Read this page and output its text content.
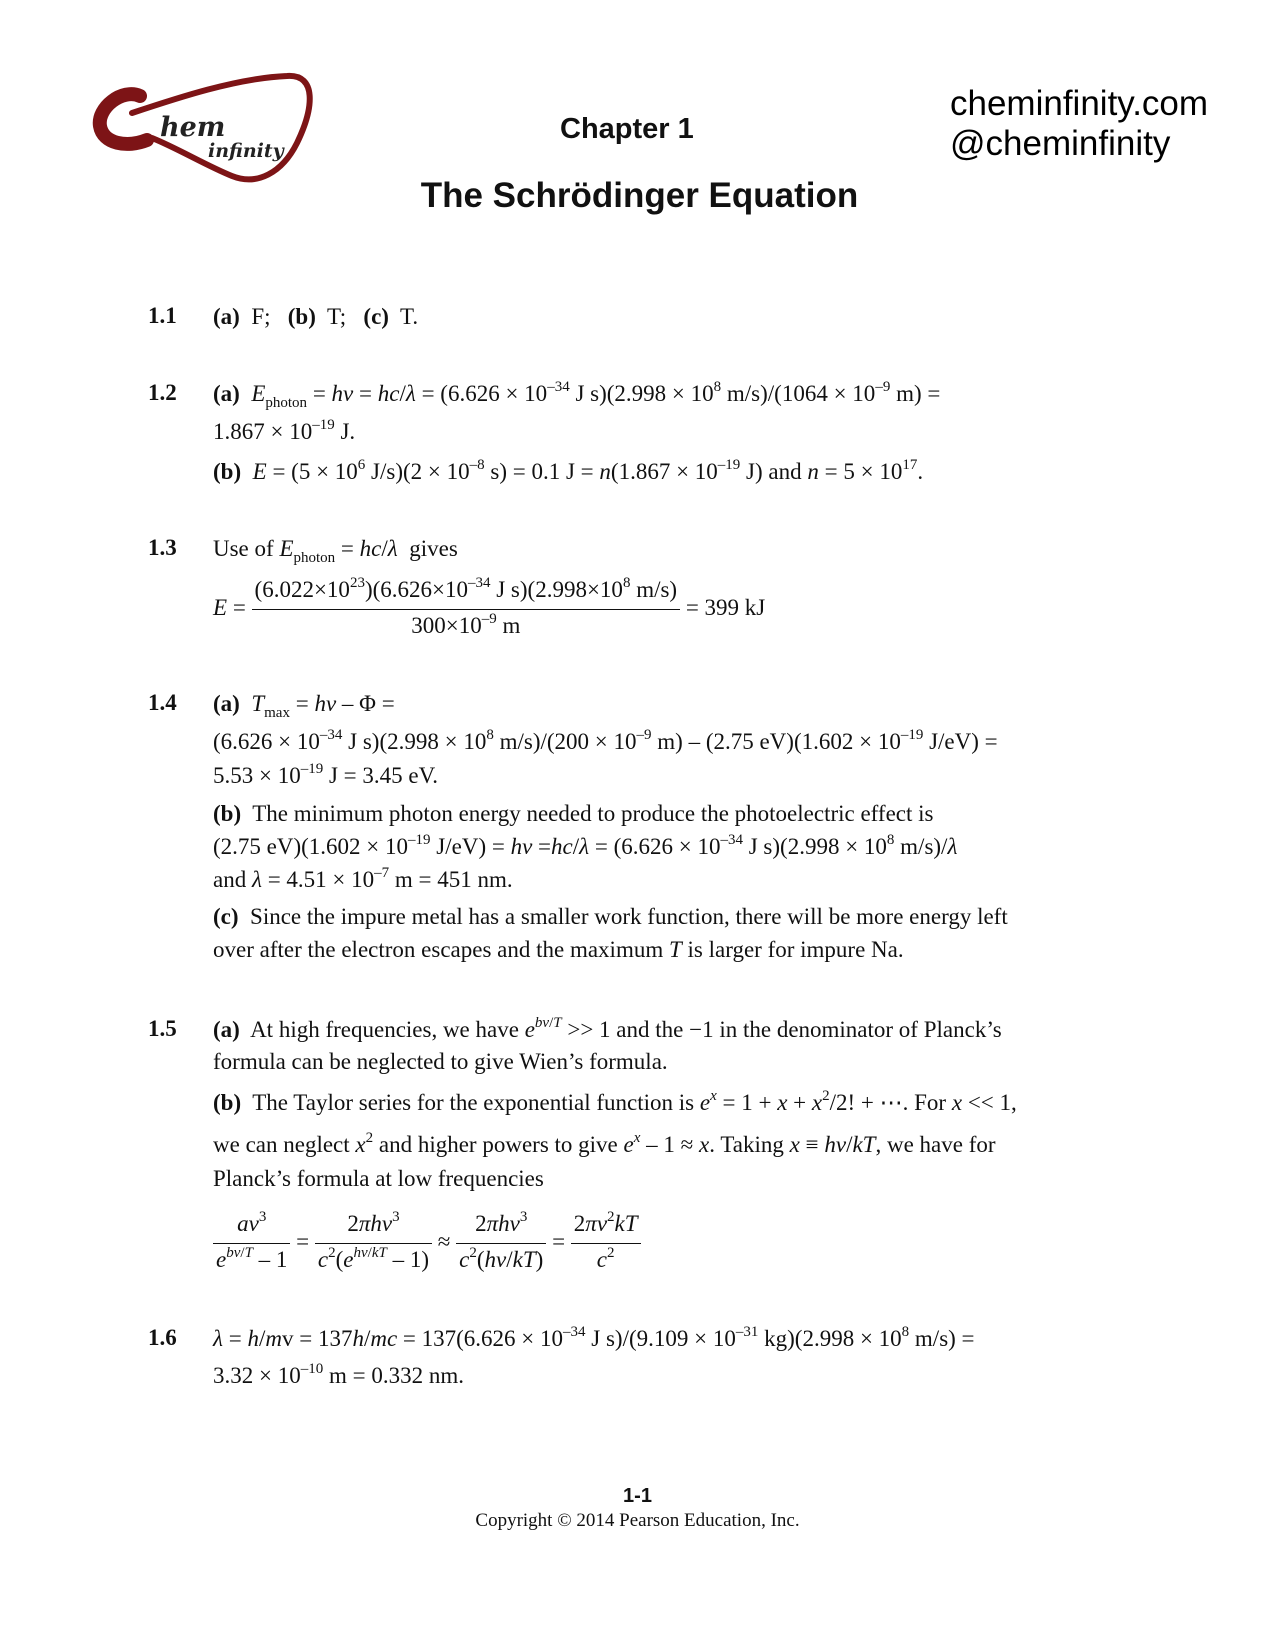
hem
infinity
cheminfinity.com
@cheminfinity
Chapter 1
The Schrödinger Equation
1.1 (a) F; (b) T; (c) T.
1.2 (a) $E_{photon} = h\nu = hc/\lambda = (6.626 \times 10^{-34}$ J $s)(2.998 \times 10^8$ $m/s)/(1064 \times 10^{-9}$ m) =
$1.867 \times 10^{-19}$ J.
(b) $E = (5 \times 10^6$ $J/s)(2 \times 10^{-8}$ s) = 0.1 $J = n(1.867 \times 10^{-19}$ J) and $n = 5 \times 10^{17}$.
1.3 Use of $E_{photon} = hc/\lambda$ gives
$E = \frac{(6.022\times 10^{23})(6.626\times 10^{-34} J s)(2.998\times 10^8 m/s)}{300\times 10^{-9} m} = 399$ kJ
1.4 (a) $T_{max} = h\nu - \Phi$ =
($6.626 \times 10^{-34}$ J $s)(2.998 \times 10^8$ $m/s)/(200 \times 10^{-9}$ m) – (2.75 $eV)(1.602 \times 10^{-19}$ J/eV) =
$5.53 \times 10^{-19}$ J = 3.45 eV.
(b) The minimum photon energy needed to produce the photoelectric effect is
(2.75 $eV)(1.602 \times 10^{-19}$ $J/eV) = h\nu =hc/\lambda = (6.626 \times 10^{-34}$ J $s)(2.998 \times 10^8$ m/s)/λ
and $\lambda = 4.51 \times 10^{-7}$ m = 451 nm.
(c) Since the impure metal has a smaller work function, there will be more energy left
over after the electron escapes and the maximum T is larger for impure Na.
1.5 (a) At high frequencies, we have $e^{b\nu/T} >> 1$ and the −1 in the denominator of Planck’s
formula can be neglected to give Wien’s formula.
(b) The Taylor series for the exponential function is $e^x = 1 + x + x^2/2$! + ⋯. For x << 1,
we can neglect $x^2$ and higher powers to give $e^x - 1 \approx x$. Taking x ≡ hν/kT, we have for
Planck’s formula at low frequencies
$\frac{a\nu^3}{e^{b\nu/T} - 1} = \frac{2\pi h\nu^3}{c^2(e^{h\nu/kT} - 1)} \approx \frac{2\pi h\nu^3}{c^2(h\nu/kT)} = \frac{2\pi\nu^2kT}{c^2}$
1.6 $\lambda = h/mv = 137h/mc = 137(6.626 \times 10^{-34}$ J $s)/(9.109 \times 10^{-31}$ $kg)(2.998 \times 10^8$ m/s) =
$3.32 \times 10^{-10}$ m = 0.332 nm.
1-1
Copyright © 2014 Pearson Education, Inc.
